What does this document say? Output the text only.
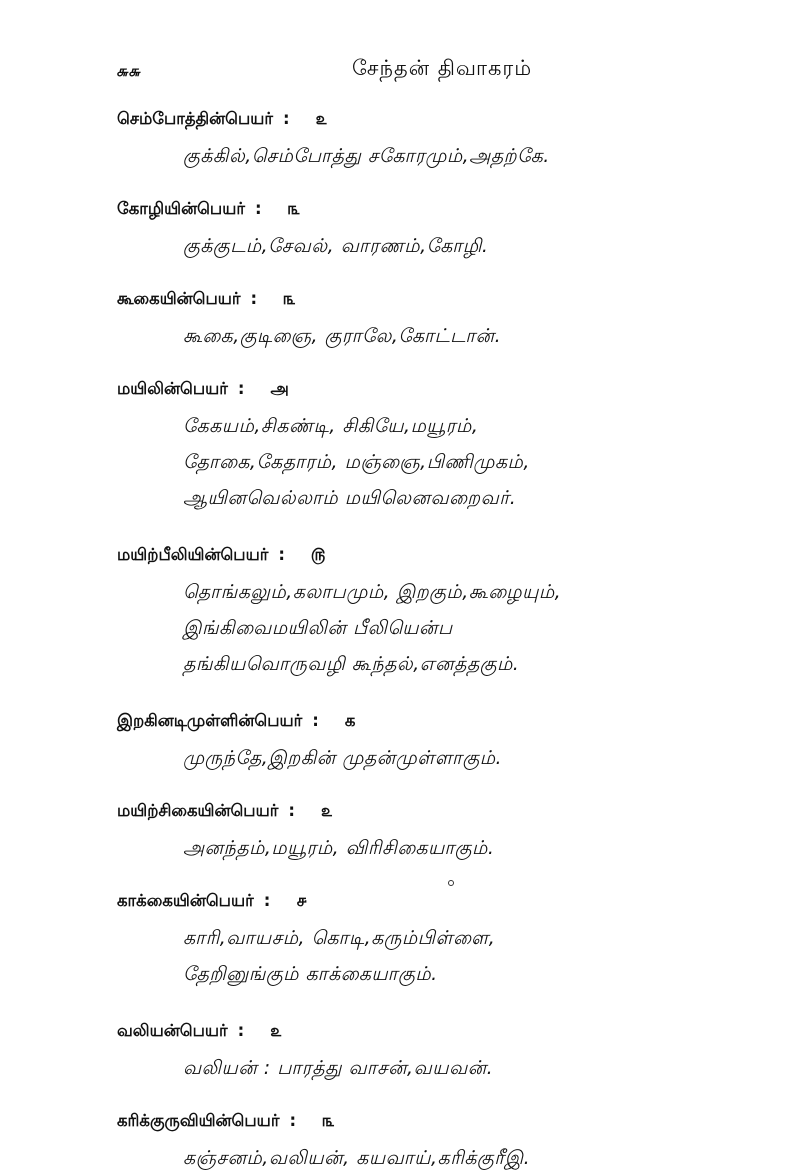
௬௬	சேந்தன் திவாகரம்
செம்போத்தின்பெயர் : ௨
குக்கில்,செம்போத்து சகோரமும்,அதற்கே.
கோழியின்பெயர் : ௩
குக்குடம்,சேவல், வாரணம்,கோழி.
கூகையின்பெயர் : ௩
கூகை,குடிஞை, குராலே,கோட்டான்.
மயிலின்பெயர் : அ
கேகயம்,சிகண்டி, சிகியே,மயூரம்,
தோகை,கேதாரம், மஞ்ஞை,பிணிமுகம்,
ஆயினவெல்லாம் மயிலெனவறைவர்.
மயிற்பீலியின்பெயர் : ௫
தொங்கலும்,கலாபமும், இறகும்,கூழையும்,
இங்கிவைமயிலின் பீலியென்ப
தங்கியவொருவழி கூந்தல்,எனத்தகும்.
இறகினடிமுள்ளின்பெயர் : க
முருந்தே,இறகின் முதன்முள்ளாகும்.
மயிற்சிகையின்பெயர் : ௨
அனந்தம்,மயூரம், விரிசிகையாகும்.
காக்கையின்பெயர் : ௪
காரி,வாயசம், கொடி,கரும்பிள்ளை,
தேறினுங்கும் காக்கையாகும்.
வலியன்பெயர் : ௨
வலியன் : பாரத்து வாசன்,வயவன்.
கரிக்குருவியின்பெயர் : ௩
கஞ்சனம்,வலியன், கயவாய்,கரிக்குரீஇ.
